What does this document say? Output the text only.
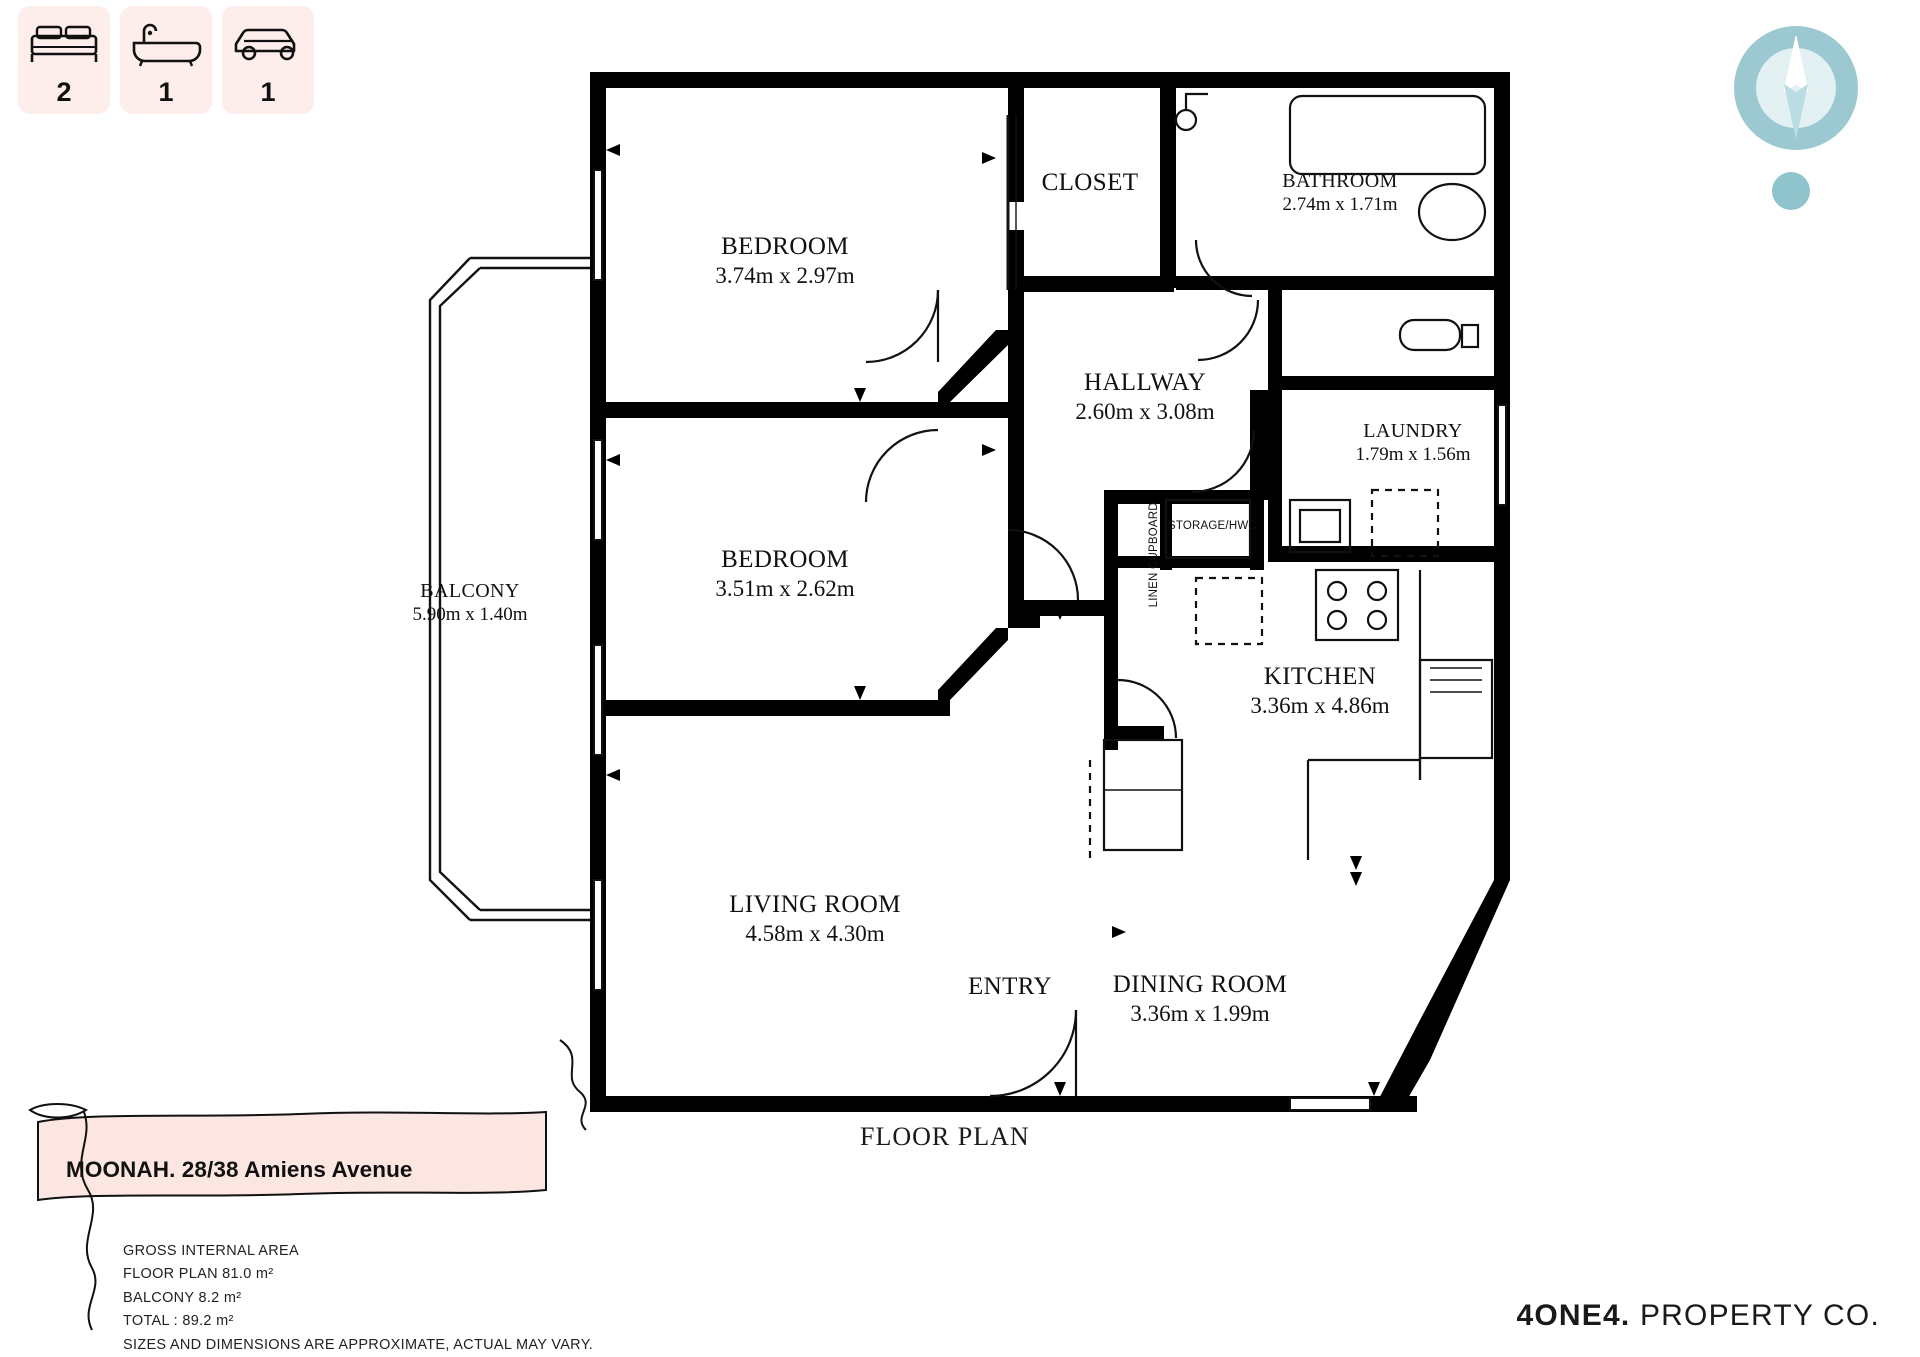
2	1	1
N
BEDROOM
3.74m x 2.97m
CLOSET	BATHROOM
2.74m x 1.71m
HALLWAY
2.60m x 3.08m
LAUNDRY
1.79m x 1.56m
BEDROOM
3.51m x 2.62m
KITCHEN
3.36m x 4.86m
LIVING ROOM
4.58m x 4.30m
DINING ROOM
3.36m x 1.99m
BALCONY
5.90m x 1.40m
ENTRY
STORAGE/HWC
LINEN CUPBOARD
FLOOR PLAN
MOONAH. 28/38 Amiens Avenue
GROSS INTERNAL AREA
FLOOR PLAN 81.0 m²
BALCONY 8.2 m²
TOTAL : 89.2 m²
SIZES AND DIMENSIONS ARE APPROXIMATE, ACTUAL MAY VARY.
4ONE4. PROPERTY CO.
